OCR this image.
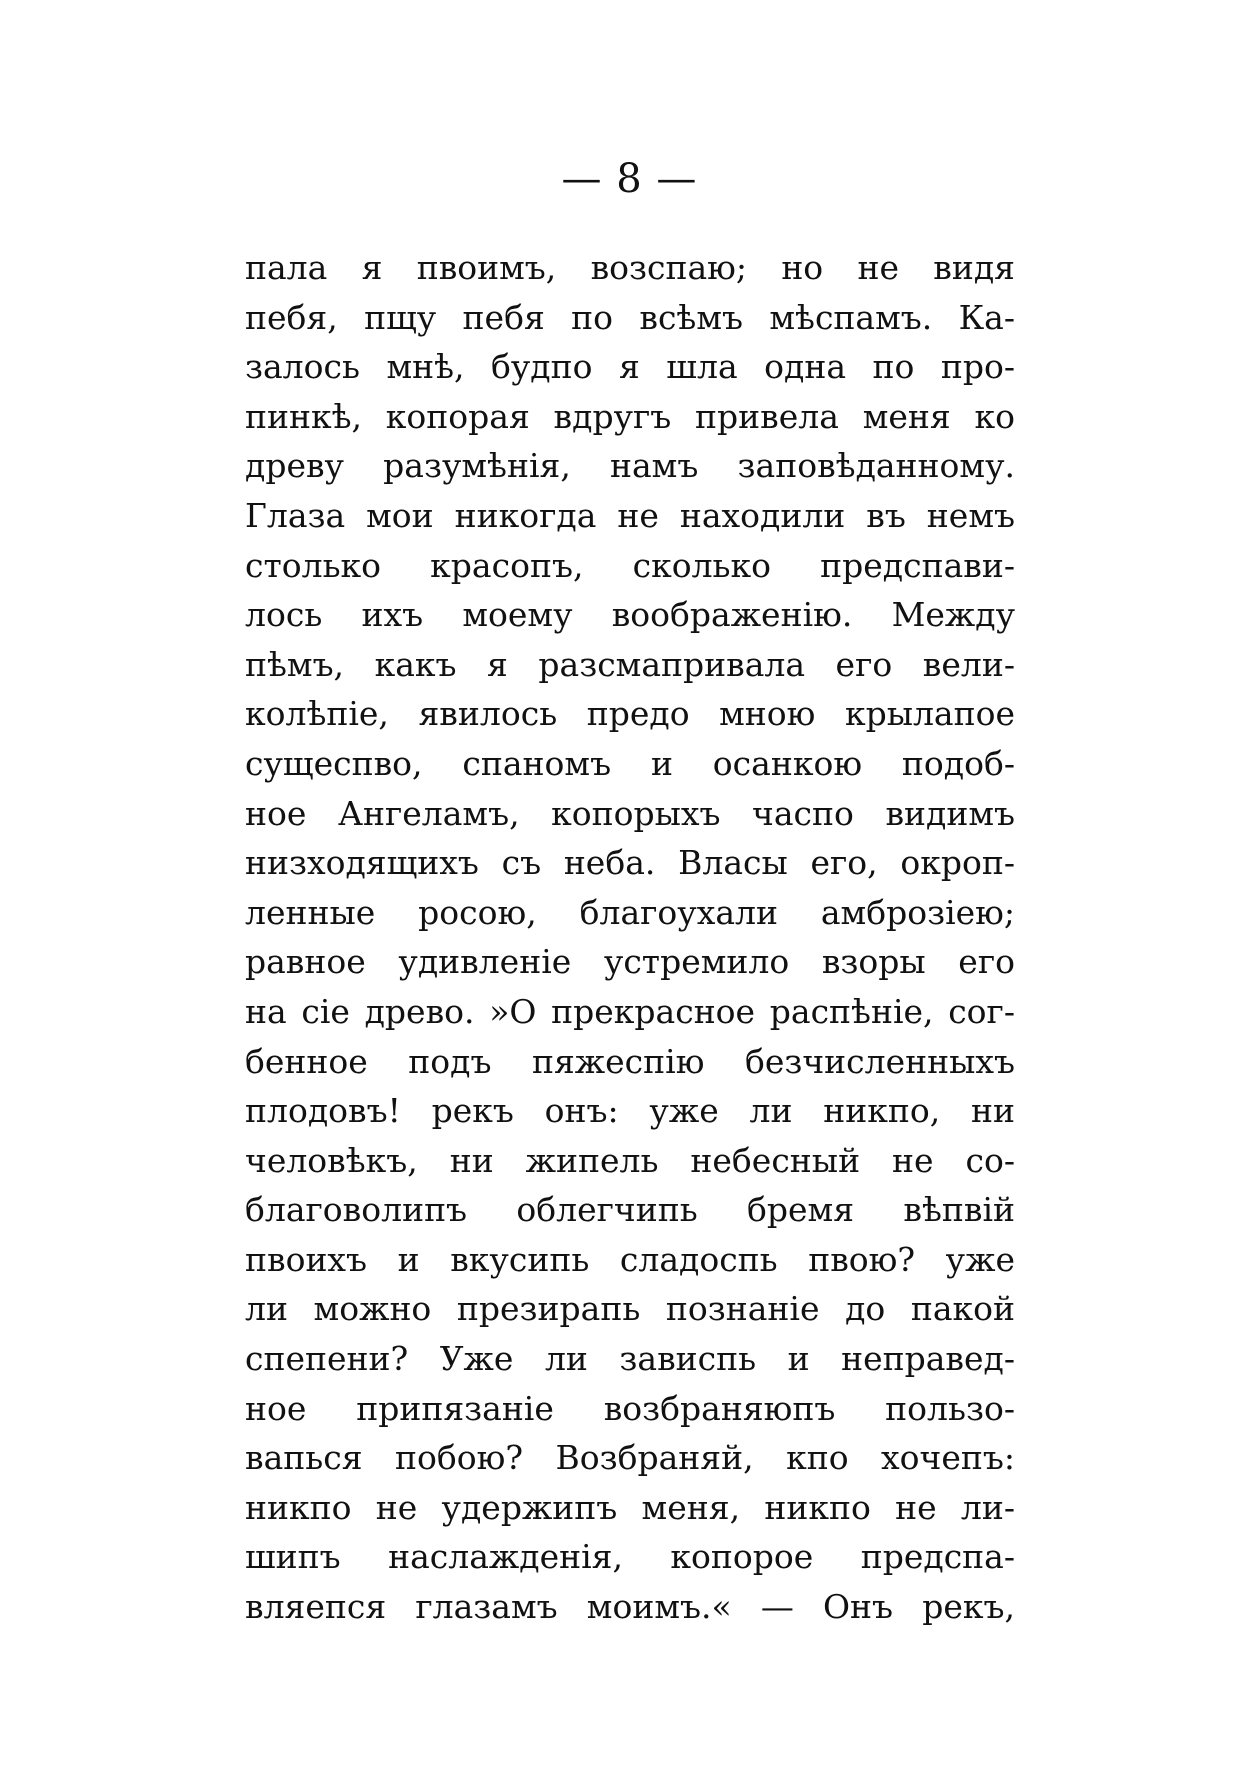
— 8 —
пала я пвоимъ, возспаю; но не видя
пебя, пщу пебя по всѣмъ мѣспамъ. Ка-
залось мнѣ, будпо я шла одна по про-
пинкѣ, копорая вдругъ привела меня ко
древу разумѣнія, намъ заповѣданному.
Глаза мои никогда не находили въ немъ
столько красопъ, сколько предспави-
лось ихъ моему воображенію. Между
пѣмъ, какъ я разсмапривала его вели-
колѣпіе, явилось предо мною крылапое
сущеспво, спаномъ и осанкою подоб-
ное Ангеламъ, копорыхъ часпо видимъ
низходящихъ съ неба. Власы его, окроп-
ленные росою, благоухали амброзіею;
равное удивленіе устремило взоры его
на сіе древо. »О прекрасное распѣніе, сог-
бенное подъ пяжеспію безчисленныхъ
плодовъ! рекъ онъ: уже ли никпо, ни
человѣкъ, ни жипель небесный не со-
благоволипъ облегчипь бремя вѣпвій
пвоихъ и вкусипь сладоспь пвою? уже
ли можно презирапь познаніе до пакой
спепени? Уже ли зависпь и неправед-
ное припязаніе возбраняюпъ пользо-
вапься побою? Возбраняй, кпо хочепъ:
никпо не удержипъ меня, никпо не ли-
шипъ наслажденія, копорое предспа-
вляепся глазамъ моимъ.« — Онъ рекъ,
